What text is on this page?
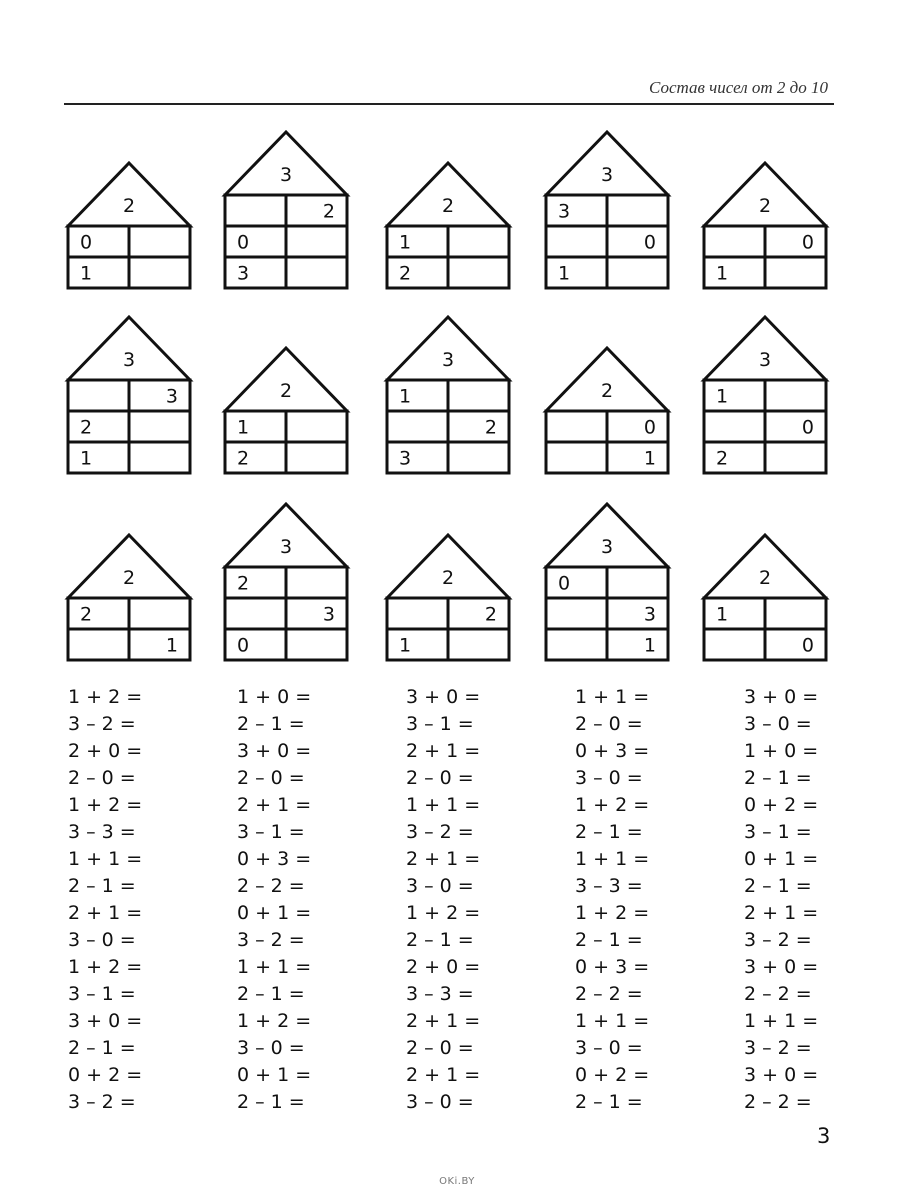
Состав чисел от 2 до 10
2
0
1
3
2
0
3
2
1
2
3
3
0
1
2
0
1
3
3
2
1
2
1
2
3
1
2
3
2
0
1
3
1
0
2
2
2
1
3
2
3
0
2
2
1
3
0
3
1
2
1
0
1 + 2 =
3 – 2 =
2 + 0 =
2 – 0 =
1 + 2 =
3 – 3 =
1 + 1 =
2 – 1 =
2 + 1 =
3 – 0 =
1 + 2 =
3 – 1 =
3 + 0 =
2 – 1 =
0 + 2 =
3 – 2 =
1 + 0 =
2 – 1 =
3 + 0 =
2 – 0 =
2 + 1 =
3 – 1 =
0 + 3 =
2 – 2 =
0 + 1 =
3 – 2 =
1 + 1 =
2 – 1 =
1 + 2 =
3 – 0 =
0 + 1 =
2 – 1 =
3 + 0 =
3 – 1 =
2 + 1 =
2 – 0 =
1 + 1 =
3 – 2 =
2 + 1 =
3 – 0 =
1 + 2 =
2 – 1 =
2 + 0 =
3 – 3 =
2 + 1 =
2 – 0 =
2 + 1 =
3 – 0 =
1 + 1 =
2 – 0 =
0 + 3 =
3 – 0 =
1 + 2 =
2 – 1 =
1 + 1 =
3 – 3 =
1 + 2 =
2 – 1 =
0 + 3 =
2 – 2 =
1 + 1 =
3 – 0 =
0 + 2 =
2 – 1 =
3 + 0 =
3 – 0 =
1 + 0 =
2 – 1 =
0 + 2 =
3 – 1 =
0 + 1 =
2 – 1 =
2 + 1 =
3 – 2 =
3 + 0 =
2 – 2 =
1 + 1 =
3 – 2 =
3 + 0 =
2 – 2 =
3
OKi.BY
